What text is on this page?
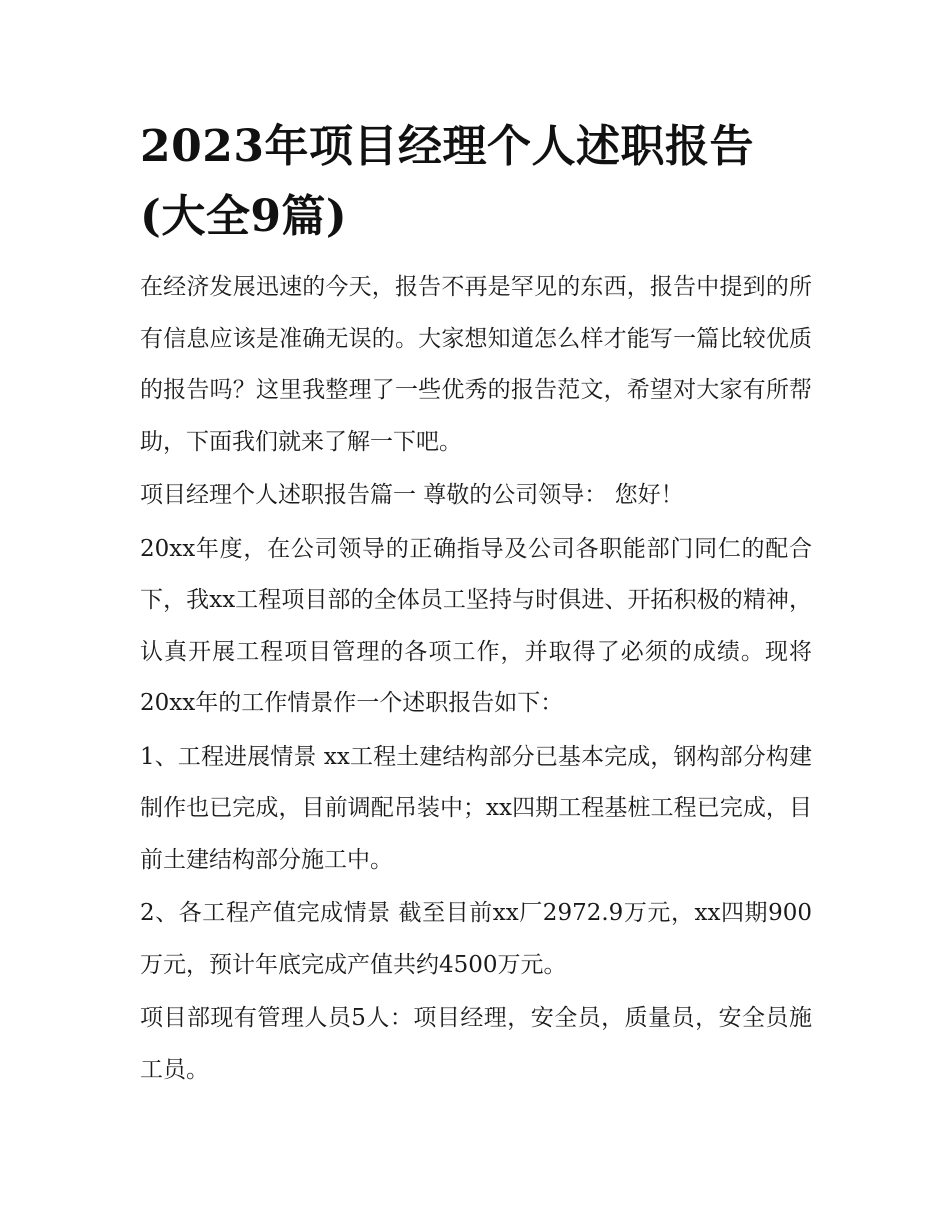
2023年项目经理个人述职报告(大全9篇)

在经济发展迅速的今天，报告不再是罕见的东西，报告中提到的所有信息应该是准确无误的。大家想知道怎么样才能写一篇比较优质的报告吗？这里我整理了一些优秀的报告范文，希望对大家有所帮助，下面我们就来了解一下吧。

项目经理个人述职报告篇一 尊敬的公司领导： 您好！

20xx年度，在公司领导的正确指导及公司各职能部门同仁的配合下，我xx工程项目部的全体员工坚持与时俱进、开拓积极的精神，认真开展工程项目管理的各项工作，并取得了必须的成绩。现将20xx年的工作情景作一个述职报告如下：

1、工程进展情景 xx工程土建结构部分已基本完成，钢构部分构建制作也已完成，目前调配吊装中；xx四期工程基桩工程已完成，目前土建结构部分施工中。

2、各工程产值完成情景 截至目前xx厂2972.9万元，xx四期900万元，预计年底完成产值共约4500万元。

项目部现有管理人员5人：项目经理，安全员，质量员，安全员施工员。
